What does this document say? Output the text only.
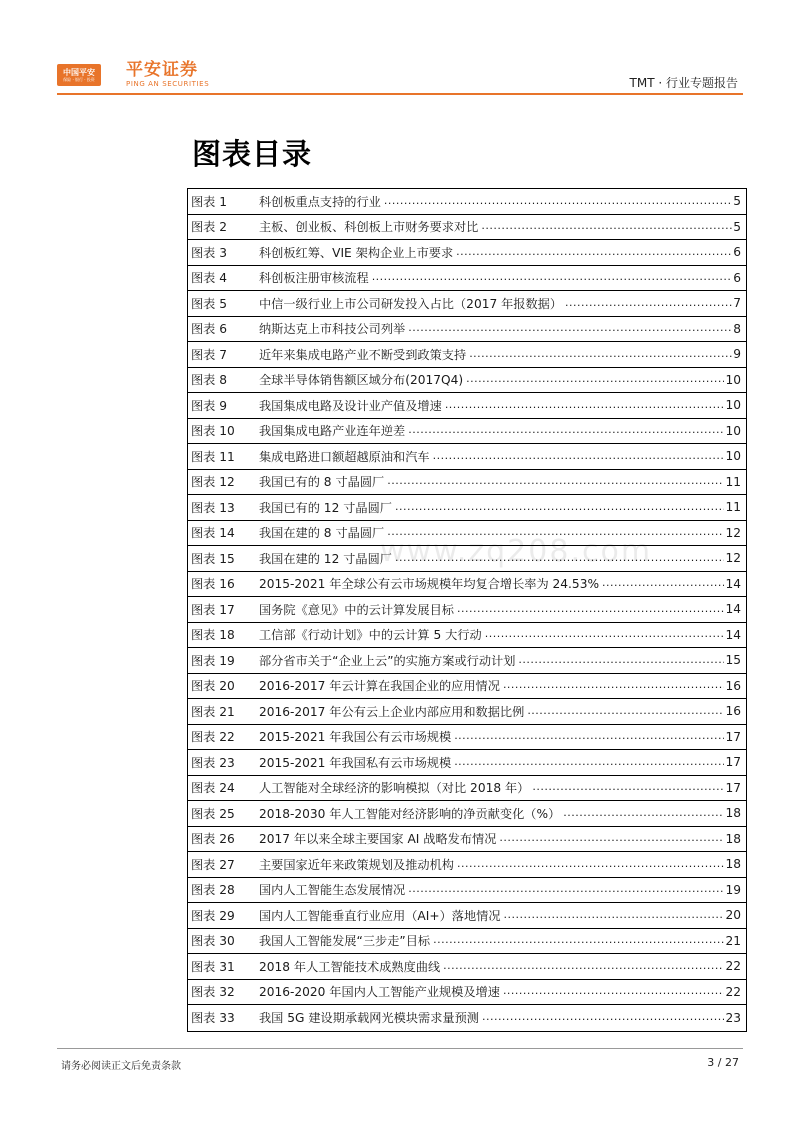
中国平安
保险 · 银行 · 投资 平安证券
PING AN SECURITIES	TMT · 行业专题报告
图表目录
www.zq208.com
图表 1	科创板重点支持的行业 .....	5
图表 2	主板、创业板、科创板上市财务要求对比 .....	5
图表 3	科创板红筹、VIE 架构企业上市要求 .....	6
图表 4	科创板注册审核流程 .....	6
图表 5	中信一级行业上市公司研发投入占比（2017 年报数据） .....	7
图表 6	纳斯达克上市科技公司列举 .....	8
图表 7	近年来集成电路产业不断受到政策支持 .....	9
图表 8	全球半导体销售额区域分布(2017Q4) .....	10
图表 9	我国集成电路及设计业产值及增速 .....	10
图表 10	我国集成电路产业连年逆差 .....	10
图表 11	集成电路进口额超越原油和汽车 .....	10
图表 12	我国已有的 8 寸晶圆厂 .....	11
图表 13	我国已有的 12 寸晶圆厂 .....	11
图表 14	我国在建的 8 寸晶圆厂 .....	12
图表 15	我国在建的 12 寸晶圆厂 .....	12
图表 16	2015-2021 年全球公有云市场规模年均复合增长率为 24.53% .....	14
图表 17	国务院《意见》中的云计算发展目标 .....	14
图表 18	工信部《行动计划》中的云计算 5 大行动 .....	14
图表 19	部分省市关于“企业上云”的实施方案或行动计划 .....	15
图表 20	2016-2017 年云计算在我国企业的应用情况 .....	16
图表 21	2016-2017 年公有云上企业内部应用和数据比例 .....	16
图表 22	2015-2021 年我国公有云市场规模 .....	17
图表 23	2015-2021 年我国私有云市场规模 .....	17
图表 24	人工智能对全球经济的影响模拟（对比 2018 年） .....	17
图表 25	2018-2030 年人工智能对经济影响的净贡献变化（%） .....	18
图表 26	2017 年以来全球主要国家 AI 战略发布情况 .....	18
图表 27	主要国家近年来政策规划及推动机构 .....	18
图表 28	国内人工智能生态发展情况 .....	19
图表 29	国内人工智能垂直行业应用（AI+）落地情况 .....	20
图表 30	我国人工智能发展“三步走”目标 .....	21
图表 31	2018 年人工智能技术成熟度曲线 .....	22
图表 32	2016-2020 年国内人工智能产业规模及增速 .....	22
图表 33	我国 5G 建设期承载网光模块需求量预测 .....	23
请务必阅读正文后免责条款	3 / 27
